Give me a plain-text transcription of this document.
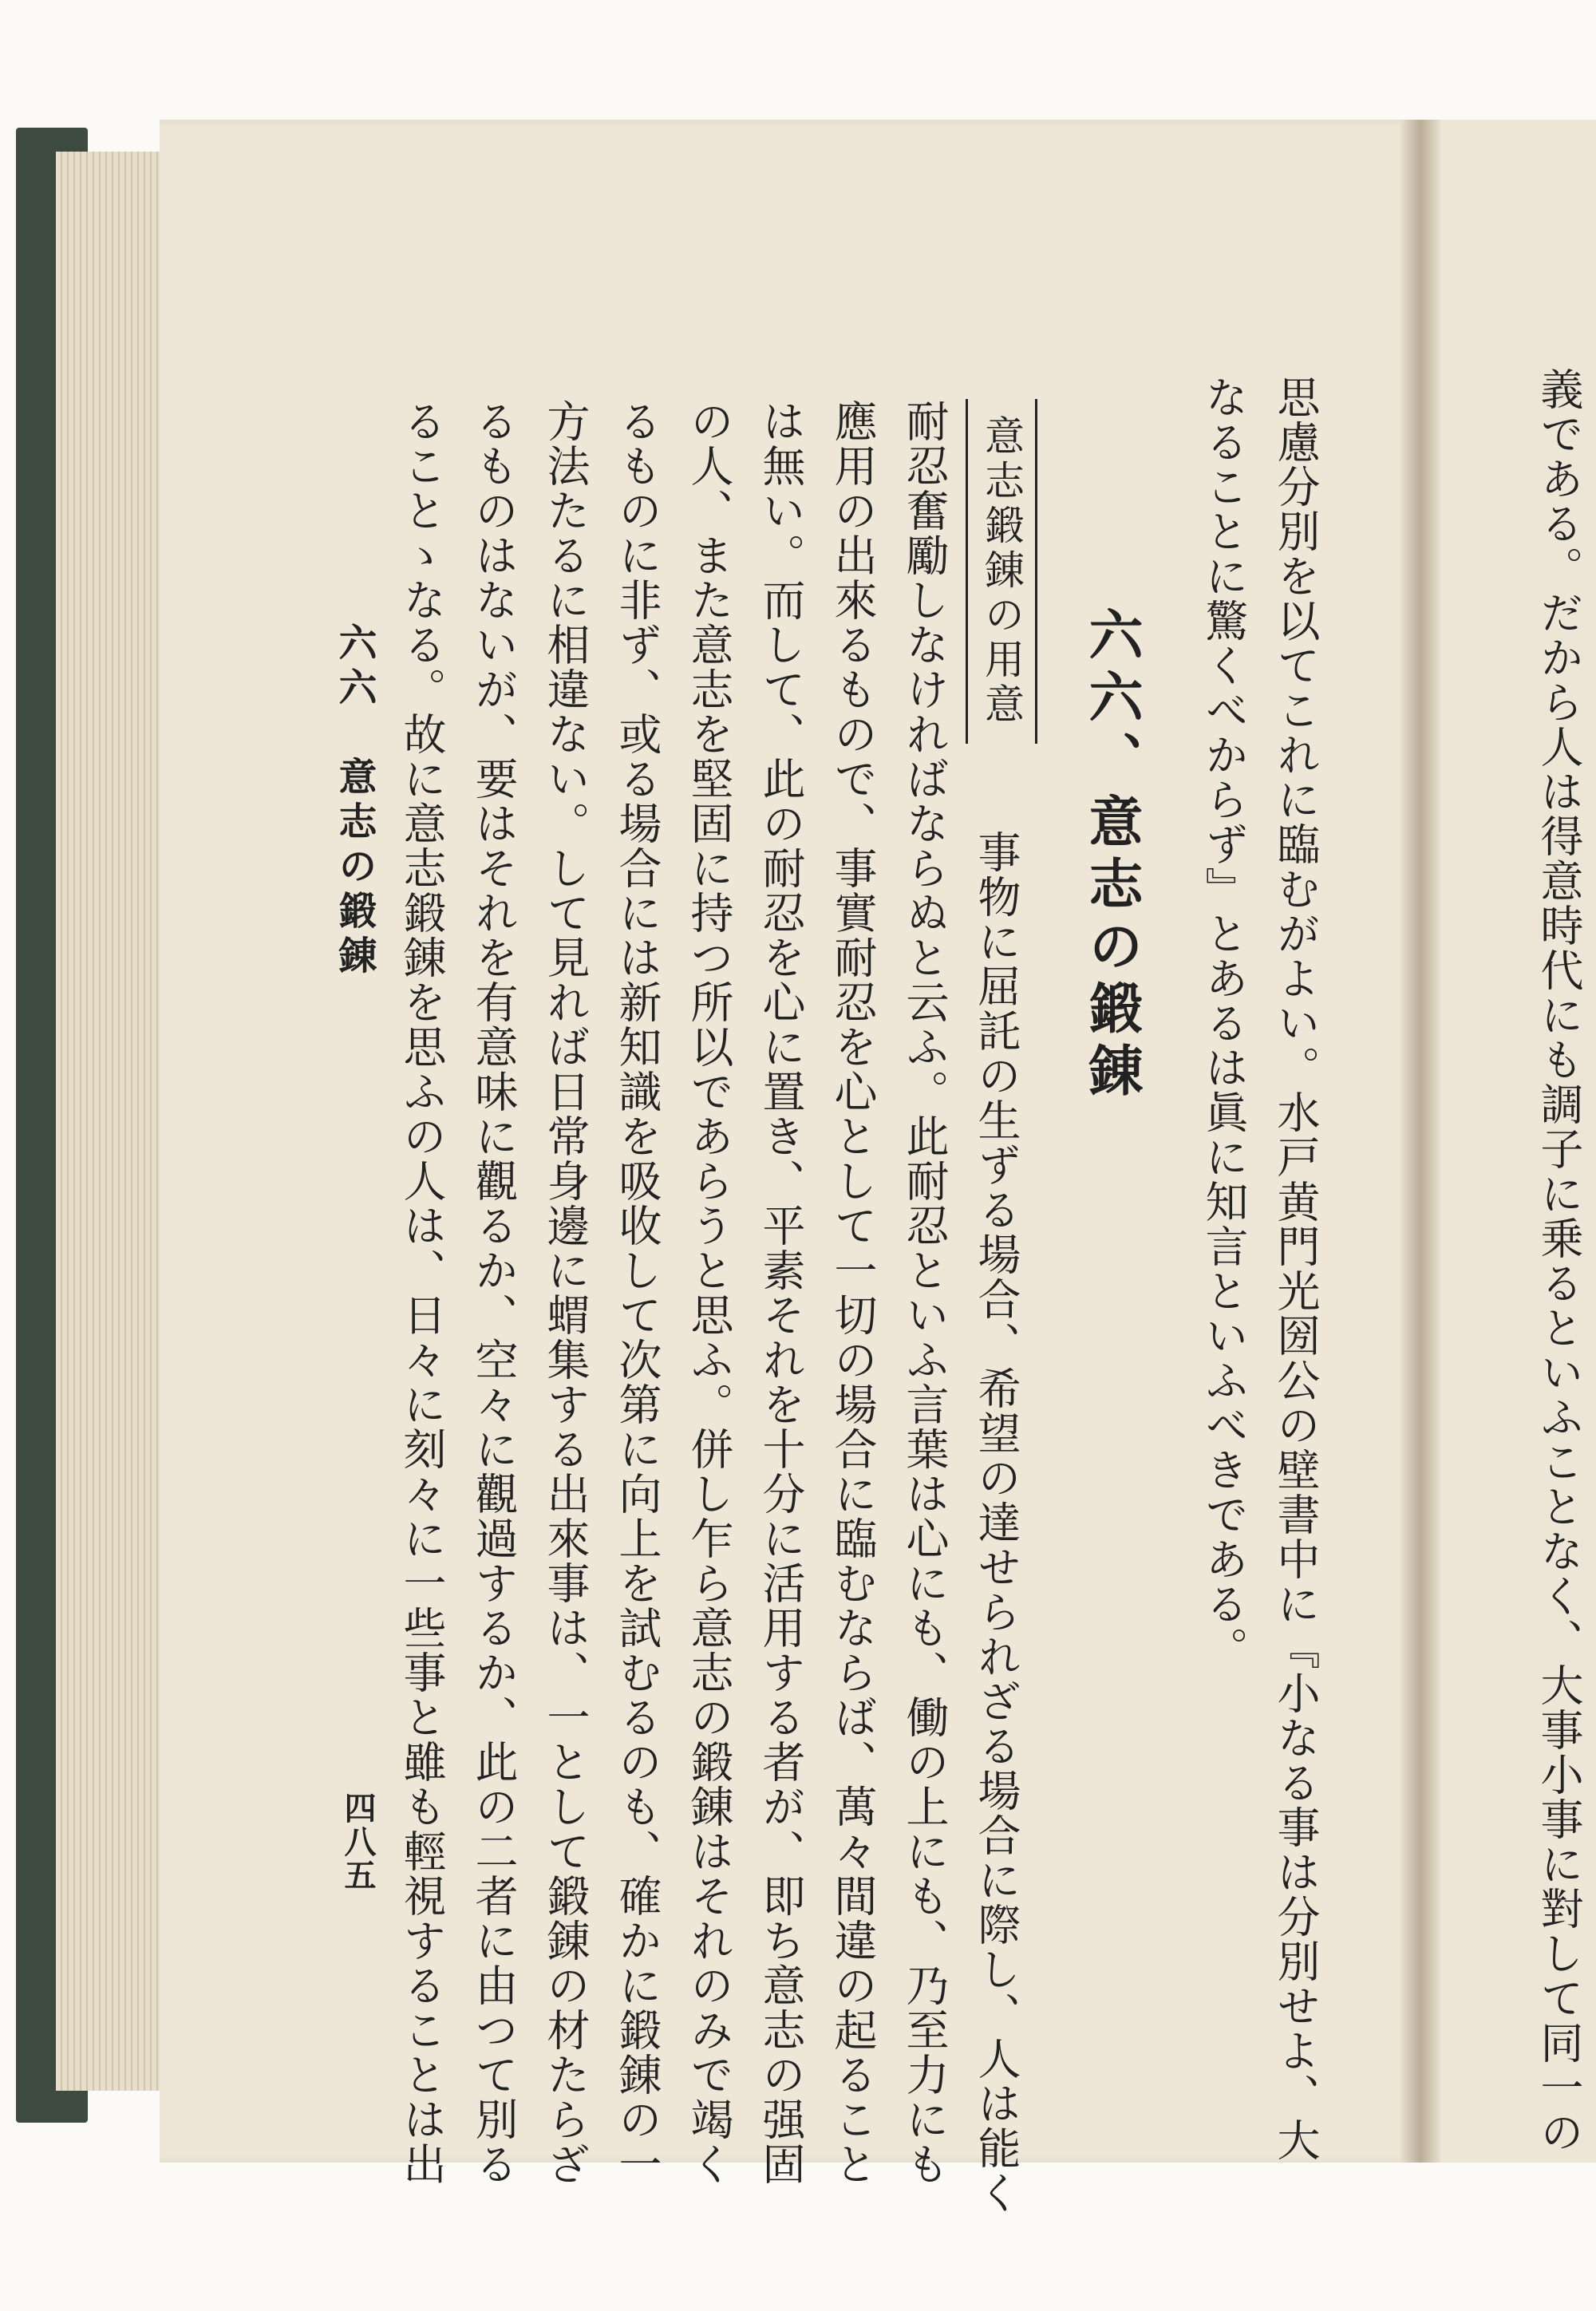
義である。だから人は得意時代にも調子に乗るといふことなく、大事小事に對して同一の
思慮分別を以てこれに臨むがよい。水戸黄門光圀公の壁書中に『小なる事は分別せよ、大
なることに驚くべからず』とあるは眞に知言といふべきである。
六六、意志の鍛錬
意志鍛錬の用意
事物に屈託の生ずる場合、希望の達せられざる場合に際し、人は能く
耐忍奮勵しなければならぬと云ふ。此耐忍といふ言葉は心にも、働の上にも、乃至力にも
應用の出來るもので、事實耐忍を心として一切の場合に臨むならば、萬々間違の起ること
は無い。而して、此の耐忍を心に置き、平素それを十分に活用する者が、即ち意志の强固
の人、また意志を堅固に持つ所以であらうと思ふ。併し乍ら意志の鍛錬はそれのみで竭く
るものに非ず、或る場合には新知識を吸收して次第に向上を試むるのも、確かに鍛錬の一
方法たるに相違ない。して見れば日常身邊に蝟集する出來事は、一として鍛錬の材たらざ
るものはないが、要はそれを有意味に觀るか、空々に觀過するか、此の二者に由つて別る
ることゝなる。故に意志鍛錬を思ふの人は、日々に刻々に一些事と雖も輕視することは出
六六　意志の鍛錬
四八五
